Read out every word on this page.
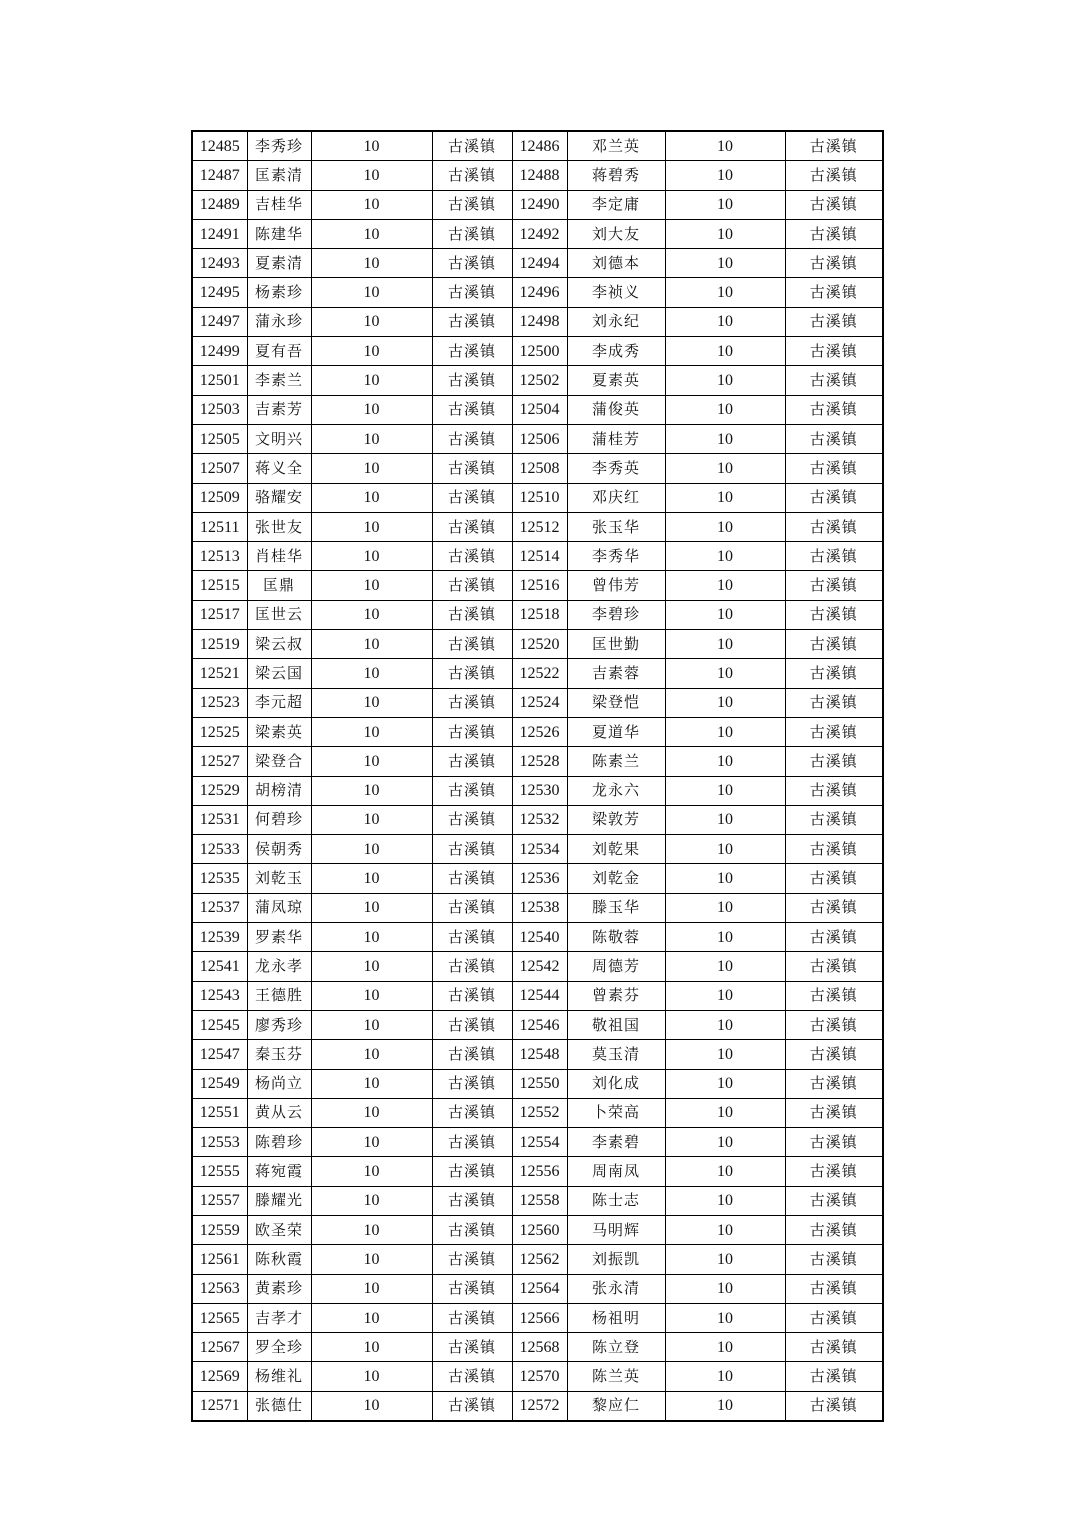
12485	李秀珍	10	古溪镇	12486	邓兰英	10	古溪镇
12487	匡素清	10	古溪镇	12488	蒋碧秀	10	古溪镇
12489	吉桂华	10	古溪镇	12490	李定庸	10	古溪镇
12491	陈建华	10	古溪镇	12492	刘大友	10	古溪镇
12493	夏素清	10	古溪镇	12494	刘德本	10	古溪镇
12495	杨素珍	10	古溪镇	12496	李祯义	10	古溪镇
12497	蒲永珍	10	古溪镇	12498	刘永纪	10	古溪镇
12499	夏有吾	10	古溪镇	12500	李成秀	10	古溪镇
12501	李素兰	10	古溪镇	12502	夏素英	10	古溪镇
12503	吉素芳	10	古溪镇	12504	蒲俊英	10	古溪镇
12505	文明兴	10	古溪镇	12506	蒲桂芳	10	古溪镇
12507	蒋义全	10	古溪镇	12508	李秀英	10	古溪镇
12509	骆耀安	10	古溪镇	12510	邓庆红	10	古溪镇
12511	张世友	10	古溪镇	12512	张玉华	10	古溪镇
12513	肖桂华	10	古溪镇	12514	李秀华	10	古溪镇
12515	匡鼎	10	古溪镇	12516	曾伟芳	10	古溪镇
12517	匡世云	10	古溪镇	12518	李碧珍	10	古溪镇
12519	梁云叔	10	古溪镇	12520	匡世勤	10	古溪镇
12521	梁云国	10	古溪镇	12522	吉素蓉	10	古溪镇
12523	李元超	10	古溪镇	12524	梁登恺	10	古溪镇
12525	梁素英	10	古溪镇	12526	夏道华	10	古溪镇
12527	梁登合	10	古溪镇	12528	陈素兰	10	古溪镇
12529	胡榜清	10	古溪镇	12530	龙永六	10	古溪镇
12531	何碧珍	10	古溪镇	12532	梁敦芳	10	古溪镇
12533	侯朝秀	10	古溪镇	12534	刘乾果	10	古溪镇
12535	刘乾玉	10	古溪镇	12536	刘乾金	10	古溪镇
12537	蒲凤琼	10	古溪镇	12538	滕玉华	10	古溪镇
12539	罗素华	10	古溪镇	12540	陈敬蓉	10	古溪镇
12541	龙永孝	10	古溪镇	12542	周德芳	10	古溪镇
12543	王德胜	10	古溪镇	12544	曾素芬	10	古溪镇
12545	廖秀珍	10	古溪镇	12546	敬祖国	10	古溪镇
12547	秦玉芬	10	古溪镇	12548	莫玉清	10	古溪镇
12549	杨尚立	10	古溪镇	12550	刘化成	10	古溪镇
12551	黄从云	10	古溪镇	12552	卜荣高	10	古溪镇
12553	陈碧珍	10	古溪镇	12554	李素碧	10	古溪镇
12555	蒋宛霞	10	古溪镇	12556	周南凤	10	古溪镇
12557	滕耀光	10	古溪镇	12558	陈士志	10	古溪镇
12559	欧圣荣	10	古溪镇	12560	马明辉	10	古溪镇
12561	陈秋霞	10	古溪镇	12562	刘振凯	10	古溪镇
12563	黄素珍	10	古溪镇	12564	张永清	10	古溪镇
12565	吉孝才	10	古溪镇	12566	杨祖明	10	古溪镇
12567	罗全珍	10	古溪镇	12568	陈立登	10	古溪镇
12569	杨维礼	10	古溪镇	12570	陈兰英	10	古溪镇
12571	张德仕	10	古溪镇	12572	黎应仁	10	古溪镇
